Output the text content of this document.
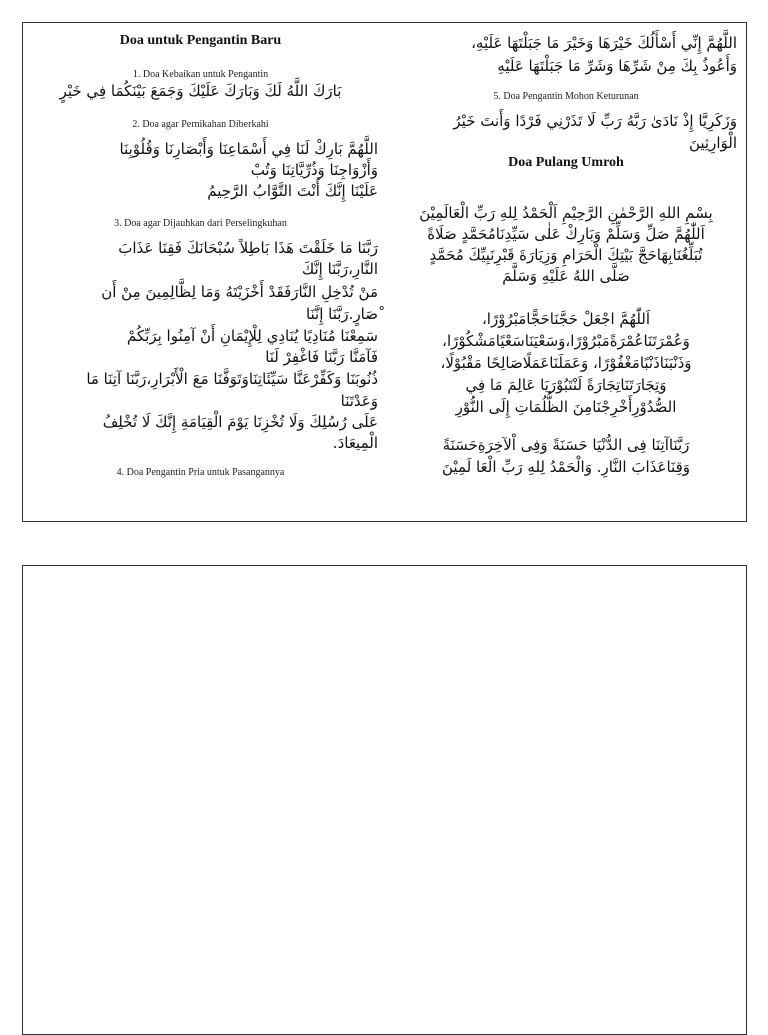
Doa untuk Pengantin Baru
1. Doa Kebaikan untuk Pengantin
بَارَكَ اللَّهُ لَكَ وَبَارَكَ عَلَيْكَ وَجَمَعَ بَيْنَكُمَا فِي خَيْرٍ
2. Doa agar Pernikahan Diberkahi
اللَّهُمَّ بَارِكْ لَنَا فِي أَسْمَاعِنَا وَأَبْصَارِنَا وَقُلُوْبِنَا
وَأَزْوَاجِنَا وَذُرِّيَّاتِنَا وَتُبْ
عَلَيْنَا إِنَّكَ أَنْتَ التَّوَّابُ الرَّحِيمُ
3. Doa agar Dijauhkan dari Perselingkuhan
رَبَّنَا مَا خَلَقْتَ هَذَا بَاطِلاً سُبْحَانَكَ فَقِنَا عَذَابَ
النَّارِ،رَبَّنَا إِنَّكَ
مَنْ تُدْخِلِ النَّارَفَقَدْ أَخْزَيْتَهُ وَمَا لِظَّالِمِينَ مِنْ أَن
ْصَارٍ.رَبَّنَا إِنَّنَا
سَمِعْنَا مُنَادِيًا يُنَادِي لِلْإِيْمَانِ أَنْ آمِنُوا بِرَبِّكُمْ
فَآمَنَّا رَبَّنَا فَاغْفِرْ لَنَا
ذُنُوبَنَا وَكَفِّرْعَنَّا سَيِّئَاتِنَاوَتَوَفَّنَا مَعَ الْأَبْرَارِ،رَبَّنَا آتِنَا مَا
وَعَدْتَنَا
عَلَى رُسُلِكَ وَلَا تُخْزِنَا يَوْمَ الْقِيَامَةِ إِنَّكَ لَا تُخْلِفُ
الْمِيعَادَ.
4. Doa Pengantin Pria untuk Pasangannya
اللَّهُمَّ إِنِّي أَسْأَلُكَ خَيْرَهَا وَخَيْرَ مَا جَبَلْتَهَا عَلَيْهِ،
وَأَعُوذُ بِكَ مِنْ شَرِّهَا وَشَرِّ مَا جَبَلْتَهَا عَلَيْهِ
5. Doa Pengantin Mohon Keturunan
وَزَكَرِيَّا إِذْ نَادَىٰ رَبَّهُ رَبِّ لَا تَذَرْنِي فَرْدًا وَأَنتَ خَيْرُ
الْوَارِثِينَ
Doa Pulang Umroh
بِسْمِ اللهِ الرَّحْمٰنِ الرَّحِيْمِ اَلْحَمْدُ لِلهِ رَبِّ الْعَالَمِيْنَ
اَللّٰهُمَّ صَلِّ وَسَلِّمْ وَبَارِكْ عَلٰى سَيِّدِنَامُحَمَّدٍ صَلَاةً
تُبَلِّغُنَابِهَاحَجَّ بَيْتِكَ الْحَرَامِ وَزِيَارَةَ قَبْرِنَبِيِّكَ مُحَمَّدٍ
صَلَّى اللهُ عَلَيْهِ وَسَلَّمَ
اَللّٰهُمَّ اجْعَلْ حَجَّنَاحَجًّامَبْرُوْرًا،
وَعُمْرَتَنَاعُمْرَةًمَبْرُوْرًا،وَسَعْيَنَاسَعْيًامَشْكُوْرًا،
وَذَنْبَنَاذَنْبًامَغْفُوْرًا، وَعَمَلَنَاعَمَلًاصَالِحًا مَقْبُوْلًا،
وَتِجَارَتَنَاتِجَارَةً لَنْتَبُوْرَيَا عَالِمَ مَا فِي
الصُّدُوْرِأَخْرِجْنَامِنَ الظُّلُمَاتِ إِلَى النُّوْرِ
رَبَّنَاآتِنَا فِى الدُّنْيَا حَسَنَةً وَفِى اْلآخِرَةِحَسَنَةً
وَقِنَاعَذَابَ النَّارِ. وَالْحَمْدُ لِلهِ رَبِّ الْعَا لَمِيْنَ
